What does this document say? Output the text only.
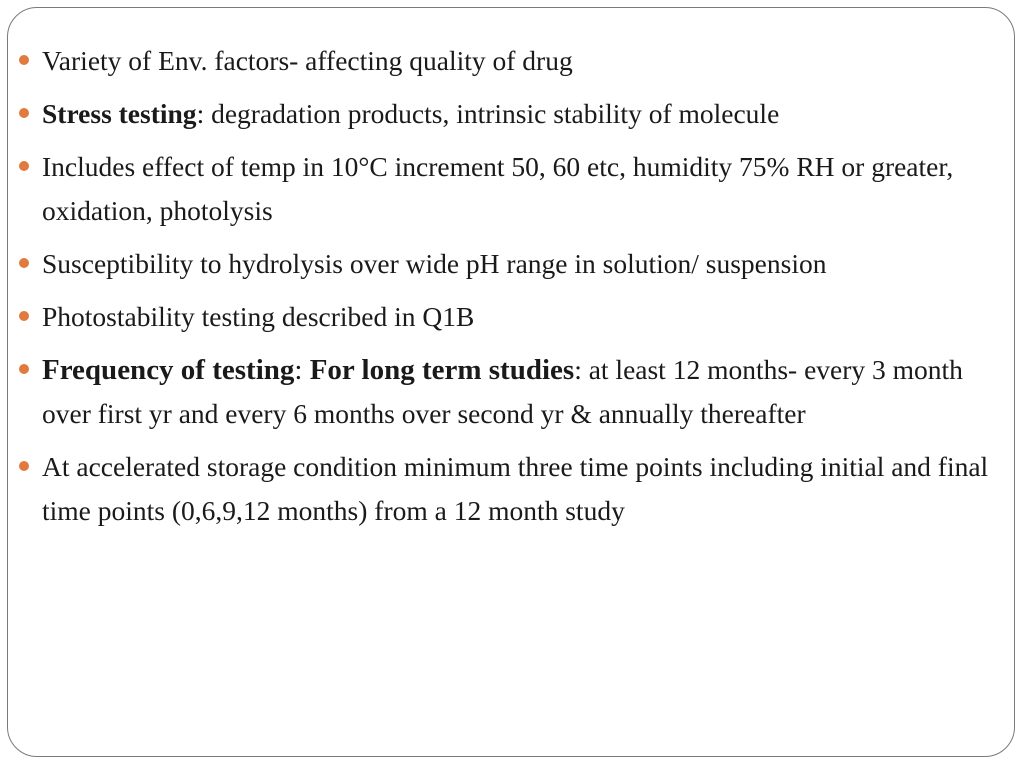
Variety of Env. factors- affecting quality of drug
Stress testing: degradation products, intrinsic stability of molecule
Includes effect of temp in 10°C increment 50, 60 etc, humidity 75% RH or greater, oxidation, photolysis
Susceptibility to hydrolysis over wide pH range in solution/ suspension
Photostability testing described in Q1B
Frequency of testing: For long term studies: at least 12 months- every 3 month over first yr and every 6 months over second yr & annually thereafter
At accelerated storage condition minimum three time points including initial and final time points (0,6,9,12 months) from a 12 month study
